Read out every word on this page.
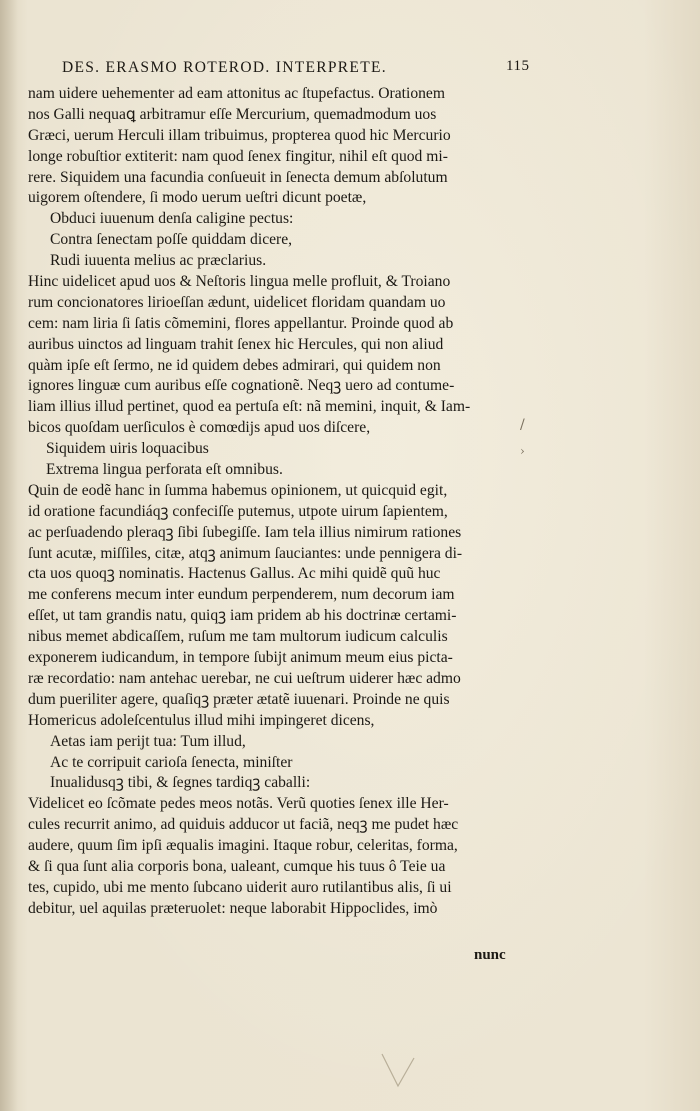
DES. ERASMO ROTEROD. INTERPRETE.	115
nam uidere uehementer ad eam attonitus ac ſtupefactus. Orationem
nos Galli nequaꝗ arbitramur eſſe Mercurium, quemadmodum uos
Græci, uerum Herculi illam tribuimus, propterea quod hic Mercurio
longe robuſtior extiterit: nam quod ſenex fingitur, nihil eſt quod mi-
rere. Siquidem una facundia conſueuit in ſenecta demum abſolutum
uigorem oſtendere, ſi modo uerum ueſtri dicunt poetæ,
Obduci iuuenum denſa caligine pectus:
Contra ſenectam poſſe quiddam dicere,
Rudi iuuenta melius ac præclarius.
Hinc uidelicet apud uos & Neſtoris lingua melle profluit, & Troiano
rum concionatores lirioeſſan ædunt, uidelicet floridam quandam uo
cem: nam liria ſi ſatis cõmemini, flores appellantur. Proinde quod ab
auribus uinctos ad linguam trahit ſenex hic Hercules, qui non aliud
quàm ipſe eſt ſermo, ne id quidem debes admirari, qui quidem non
ignores linguæ cum auribus eſſe cognationẽ. Neqꝫ uero ad contume-
liam illius illud pertinet, quod ea pertuſa eſt: nã memini, inquit, & Iam-
bicos quoſdam uerſiculos è comœdijs apud uos diſcere,
Siquidem uiris loquacibus
Extrema lingua perforata eſt omnibus.
Quin de eodẽ hanc in ſumma habemus opinionem, ut quicquid egit,
id oratione facundiáqꝫ confeciſſe putemus, utpote uirum ſapientem,
ac perſuadendo pleraqꝫ ſibi ſubegiſſe. Iam tela illius nimirum rationes
ſunt acutæ, miſſiles, citæ, atqꝫ animum ſauciantes: unde pennigera di-
cta uos quoqꝫ nominatis. Hactenus Gallus. Ac mihi quidẽ quũ huc
me conferens mecum inter eundum perpenderem, num decorum iam
eſſet, ut tam grandis natu, quiqꝫ iam pridem ab his doctrinæ certami-
nibus memet abdicaſſem, ruſum me tam multorum iudicum calculis
exponerem iudicandum, in tempore ſubijt animum meum eius picta-
ræ recordatio: nam antehac uerebar, ne cui ueſtrum uiderer hæc admo
dum pueriliter agere, quaſiqꝫ præter ætatẽ iuuenari. Proinde ne quis
Homericus adoleſcentulus illud mihi impingeret dicens,
Aetas iam perijt tua: Tum illud,
Ac te corripuit carioſa ſenecta, miniſter
Inualidusqꝫ tibi, & ſegnes tardiqꝫ caballi:
Videlicet eo ſcõmate pedes meos notãs. Verũ quoties ſenex ille Her-
cules recurrit animo, ad quiduis adducor ut faciã, neqꝫ me pudet hæc
audere, quum ſim ipſi æqualis imagini. Itaque robur, celeritas, forma,
& ſi qua ſunt alia corporis bona, ualeant, cumque his tuus ô Teie ua
tes, cupido, ubi me mento ſubcano uiderit auro rutilantibus alis, ſi ui
debitur, uel aquilas præteruolet: neque laborabit Hippoclides, imò
nunc
/
›
